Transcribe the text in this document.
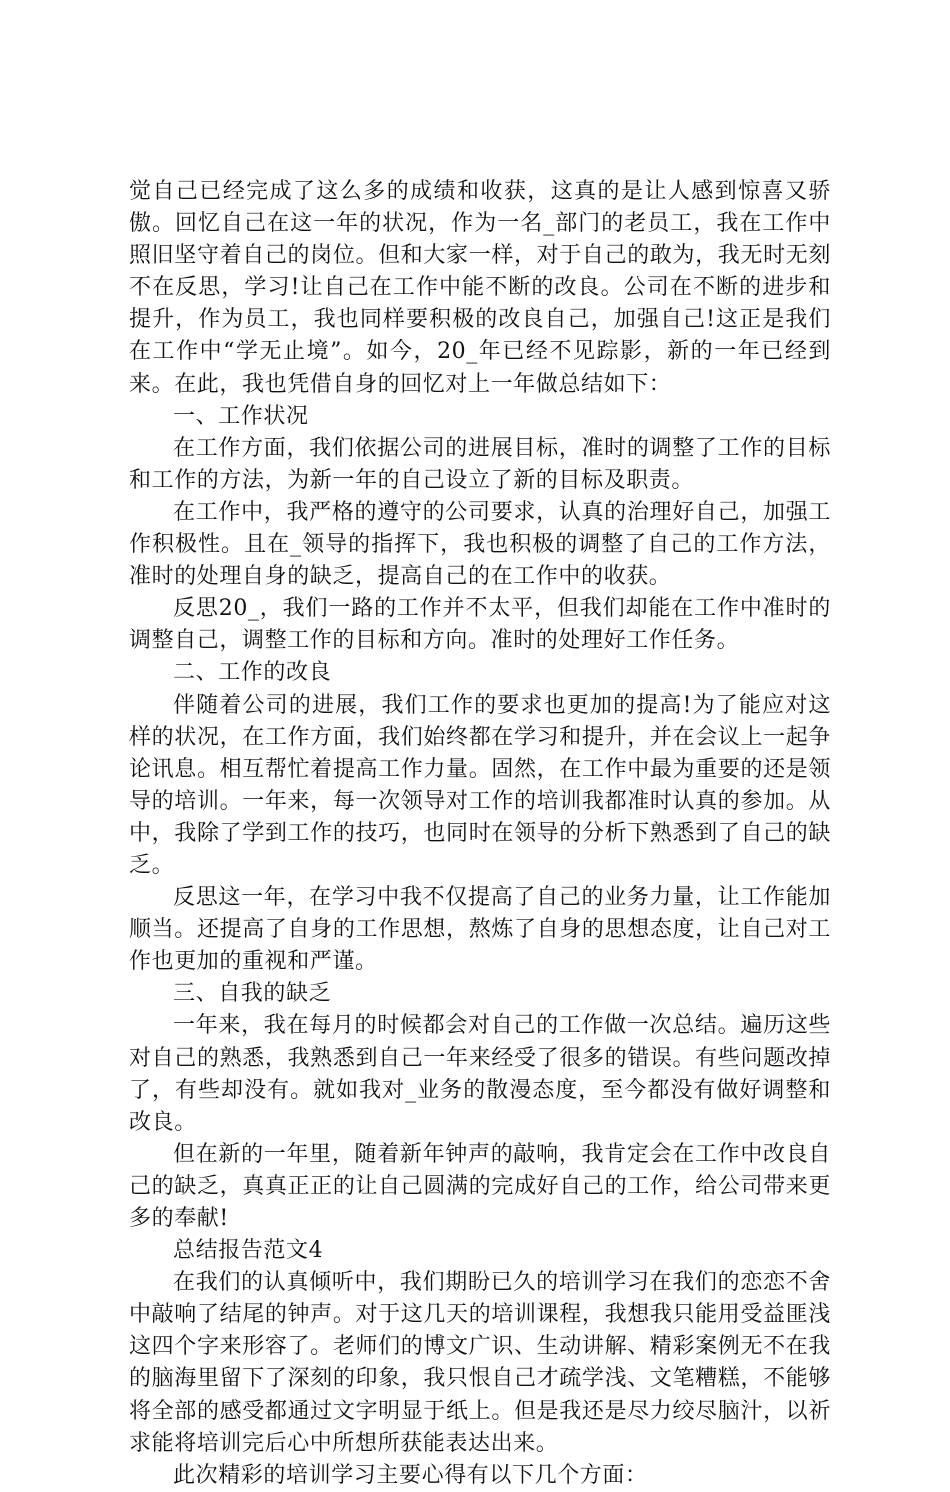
觉自己已经完成了这么多的成绩和收获，这真的是让人感到惊喜又骄傲。回忆自己在这一年的状况，作为一名_部门的老员工，我在工作中照旧坚守着自己的岗位。但和大家一样，对于自己的敢为，我无时无刻不在反思，学习!让自己在工作中能不断的改良。公司在不断的进步和提升，作为员工，我也同样要积极的改良自己，加强自己!这正是我们在工作中“学无止境”。如今，20_年已经不见踪影，新的一年已经到来。在此，我也凭借自身的回忆对上一年做总结如下：

一、工作状况

在工作方面，我们依据公司的进展目标，准时的调整了工作的目标和工作的方法，为新一年的自己设立了新的目标及职责。

在工作中，我严格的遵守的公司要求，认真的治理好自己，加强工作积极性。且在_领导的指挥下，我也积极的调整了自己的工作方法，准时的处理自身的缺乏，提高自己的在工作中的收获。

反思20_，我们一路的工作并不太平，但我们却能在工作中准时的调整自己，调整工作的目标和方向。准时的处理好工作任务。

二、工作的改良

伴随着公司的进展，我们工作的要求也更加的提高!为了能应对这样的状况，在工作方面，我们始终都在学习和提升，并在会议上一起争论讯息。相互帮忙着提高工作力量。固然，在工作中最为重要的还是领导的培训。一年来，每一次领导对工作的培训我都准时认真的参加。从中，我除了学到工作的技巧，也同时在领导的分析下熟悉到了自己的缺乏。

反思这一年，在学习中我不仅提高了自己的业务力量，让工作能加顺当。还提高了自身的工作思想，熬炼了自身的思想态度，让自己对工作也更加的重视和严谨。

三、自我的缺乏

一年来，我在每月的时候都会对自己的工作做一次总结。遍历这些对自己的熟悉，我熟悉到自己一年来经受了很多的错误。有些问题改掉了，有些却没有。就如我对_业务的散漫态度，至今都没有做好调整和改良。

但在新的一年里，随着新年钟声的敲响，我肯定会在工作中改良自己的缺乏，真真正正的让自己圆满的完成好自己的工作，给公司带来更多的奉献!

总结报告范文4

在我们的认真倾听中，我们期盼已久的培训学习在我们的恋恋不舍中敲响了结尾的钟声。对于这几天的培训课程，我想我只能用受益匪浅这四个字来形容了。老师们的博文广识、生动讲解、精彩案例无不在我的脑海里留下了深刻的印象，我只恨自己才疏学浅、文笔糟糕，不能够将全部的感受都通过文字明显于纸上。但是我还是尽力绞尽脑汁，以祈求能将培训完后心中所想所获能表达出来。

此次精彩的培训学习主要心得有以下几个方面：
